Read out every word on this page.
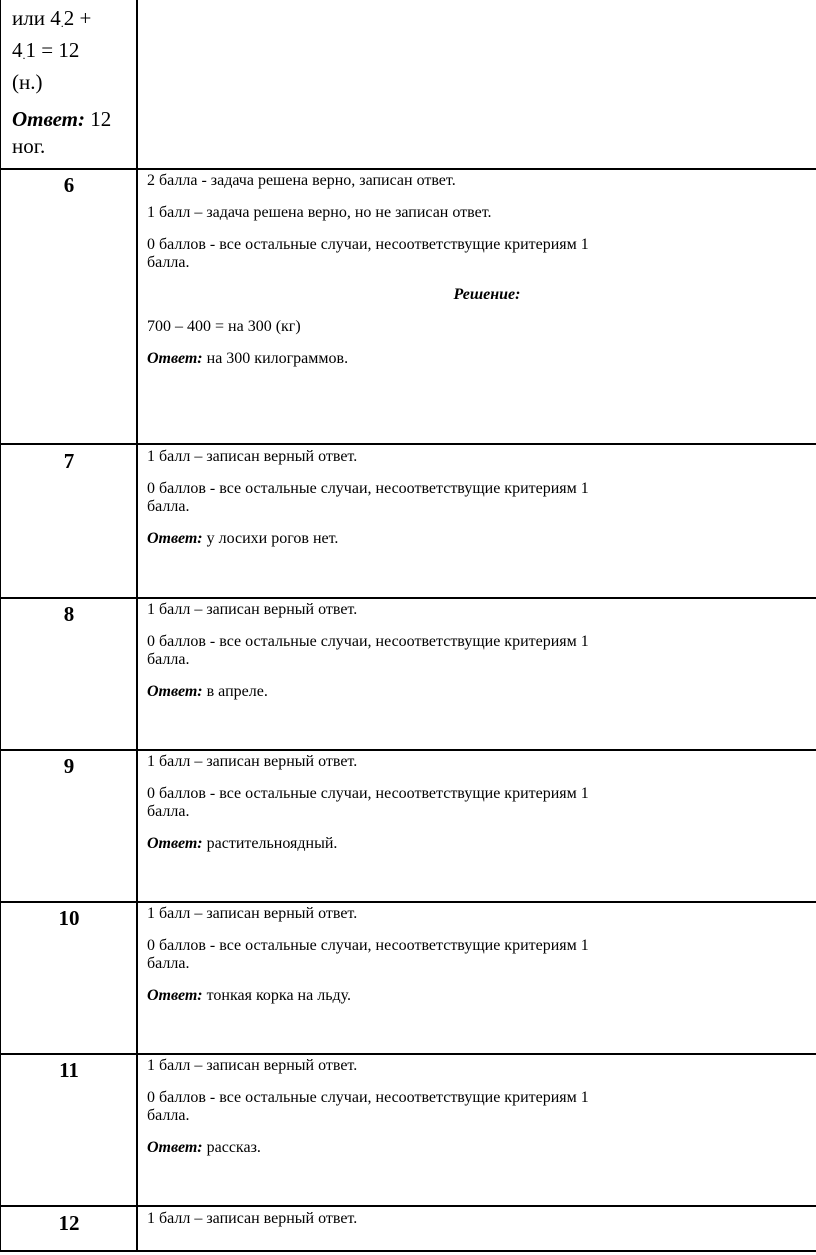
или $4_.2$ +

$4_.1 = 12$

(н.)

Ответ: 12

ног.

6	2 балла - задача решена верно, записан ответ.

1 балл – задача решена верно, но не записан ответ.

0 баллов - все остальные случаи, несоответствущие критериям 1

балла.

Решение:

700 – 400 = на 300 (кг)

Ответ: на 300 килограммов.

7	1 балл – записан верный ответ.

0 баллов - все остальные случаи, несоответствущие критериям 1

балла.

Ответ: у лосихи рогов нет.

8	1 балл – записан верный ответ.

0 баллов - все остальные случаи, несоответствущие критериям 1

балла.

Ответ: в апреле.

9	1 балл – записан верный ответ.

0 баллов - все остальные случаи, несоответствущие критериям 1

балла.

Ответ: растительноядный.

10	1 балл – записан верный ответ.

0 баллов - все остальные случаи, несоответствущие критериям 1

балла.

Ответ: тонкая корка на льду.

11	1 балл – записан верный ответ.

0 баллов - все остальные случаи, несоответствущие критериям 1

балла.

Ответ: рассказ.

12	1 балл – записан верный ответ.
